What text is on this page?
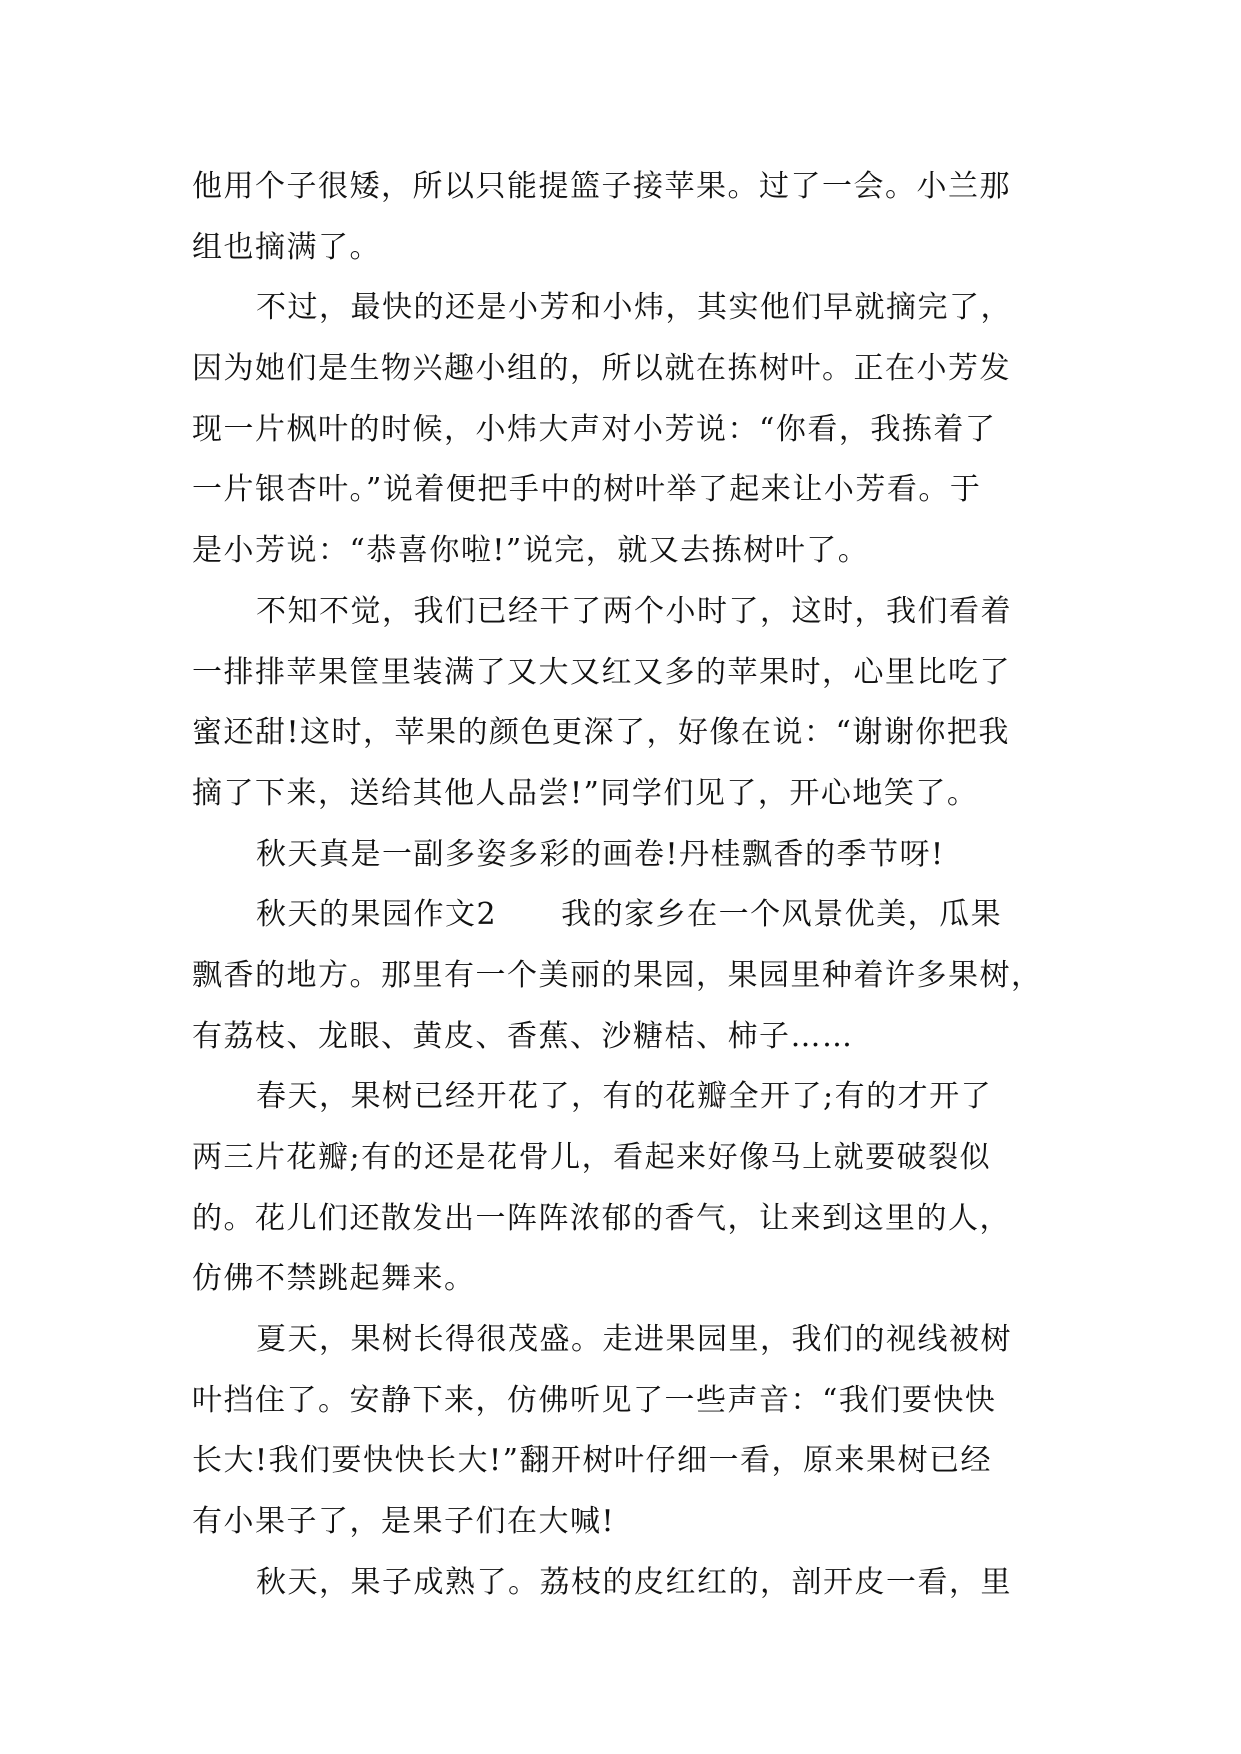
他用个子很矮，所以只能提篮子接苹果。过了一会。小兰那
组也摘满了。
不过，最快的还是小芳和小炜，其实他们早就摘完了，
因为她们是生物兴趣小组的，所以就在拣树叶。正在小芳发
现一片枫叶的时候，小炜大声对小芳说：“你看，我拣着了
一片银杏叶。”说着便把手中的树叶举了起来让小芳看。于
是小芳说：“恭喜你啦!”说完，就又去拣树叶了。
不知不觉，我们已经干了两个小时了，这时，我们看着
一排排苹果筐里装满了又大又红又多的苹果时，心里比吃了
蜜还甜!这时，苹果的颜色更深了，好像在说：“谢谢你把我
摘了下来，送给其他人品尝!”同学们见了，开心地笑了。
秋天真是一副多姿多彩的画卷!丹桂飘香的季节呀!
秋天的果园作文2 我的家乡在一个风景优美，瓜果
飘香的地方。那里有一个美丽的果园，果园里种着许多果树，
有荔枝、龙眼、黄皮、香蕉、沙糖桔、柿子……
春天，果树已经开花了，有的花瓣全开了;有的才开了
两三片花瓣;有的还是花骨儿，看起来好像马上就要破裂似
的。花儿们还散发出一阵阵浓郁的香气，让来到这里的人，
仿佛不禁跳起舞来。
夏天，果树长得很茂盛。走进果园里，我们的视线被树
叶挡住了。安静下来，仿佛听见了一些声音：“我们要快快
长大!我们要快快长大!”翻开树叶仔细一看，原来果树已经
有小果子了，是果子们在大喊!
秋天，果子成熟了。荔枝的皮红红的，剖开皮一看，里
